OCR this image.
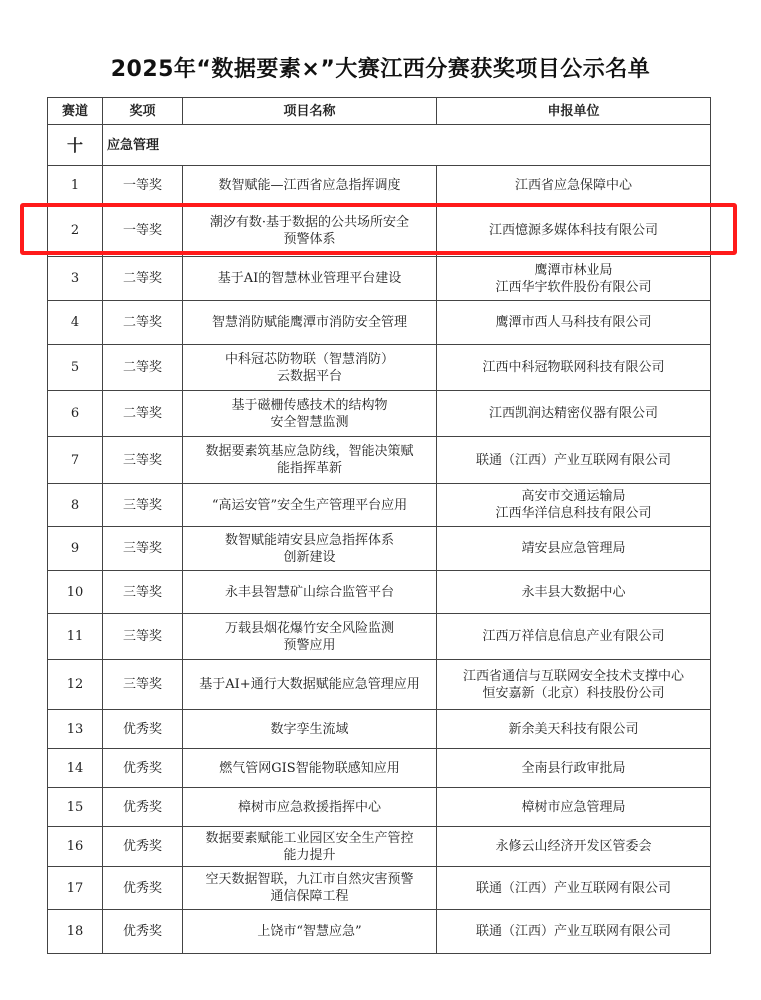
2025年“数据要素×”大赛江西分赛获奖项目公示名单
赛道	奖项	项目名称	申报单位
十	应急管理		
1	一等奖	数智赋能—江西省应急指挥调度	江西省应急保障中心

2	一等奖	潮汐有数·基于数据的公共场所安全
预警体系	江西憶源多媒体科技有限公司

3	二等奖	基于AI的智慧林业管理平台建设	鹰潭市林业局
江西华宇软件股份有限公司

4	二等奖	智慧消防赋能鹰潭市消防安全管理	鹰潭市西人马科技有限公司

5	二等奖	中科冠芯防物联（智慧消防）
云数据平台	江西中科冠物联网科技有限公司

6	二等奖	基于磁栅传感技术的结构物
安全智慧监测	江西凯润达精密仪器有限公司

7	三等奖	数据要素筑基应急防线，智能决策赋
能指挥革新	联通（江西）产业互联网有限公司

8	三等奖	“高运安管”安全生产管理平台应用	高安市交通运输局
江西华洋信息科技有限公司

9	三等奖	数智赋能靖安县应急指挥体系
创新建设	靖安县应急管理局

10	三等奖	永丰县智慧矿山综合监管平台	永丰县大数据中心

11	三等奖	万载县烟花爆竹安全风险监测
预警应用	江西万祥信息信息产业有限公司

12	三等奖	基于AI+通行大数据赋能应急管理应用	江西省通信与互联网安全技术支撑中心
恒安嘉新（北京）科技股份公司

13	优秀奖	数字孪生流域	新余美天科技有限公司

14	优秀奖	燃气管网GIS智能物联感知应用	全南县行政审批局

15	优秀奖	樟树市应急救援指挥中心	樟树市应急管理局

16	优秀奖	数据要素赋能工业园区安全生产管控
能力提升	永修云山经济开发区管委会

17	优秀奖	空天数据智联，九江市自然灾害预警
通信保障工程	联通（江西）产业互联网有限公司

18	优秀奖	上饶市“智慧应急”	联通（江西）产业互联网有限公司
